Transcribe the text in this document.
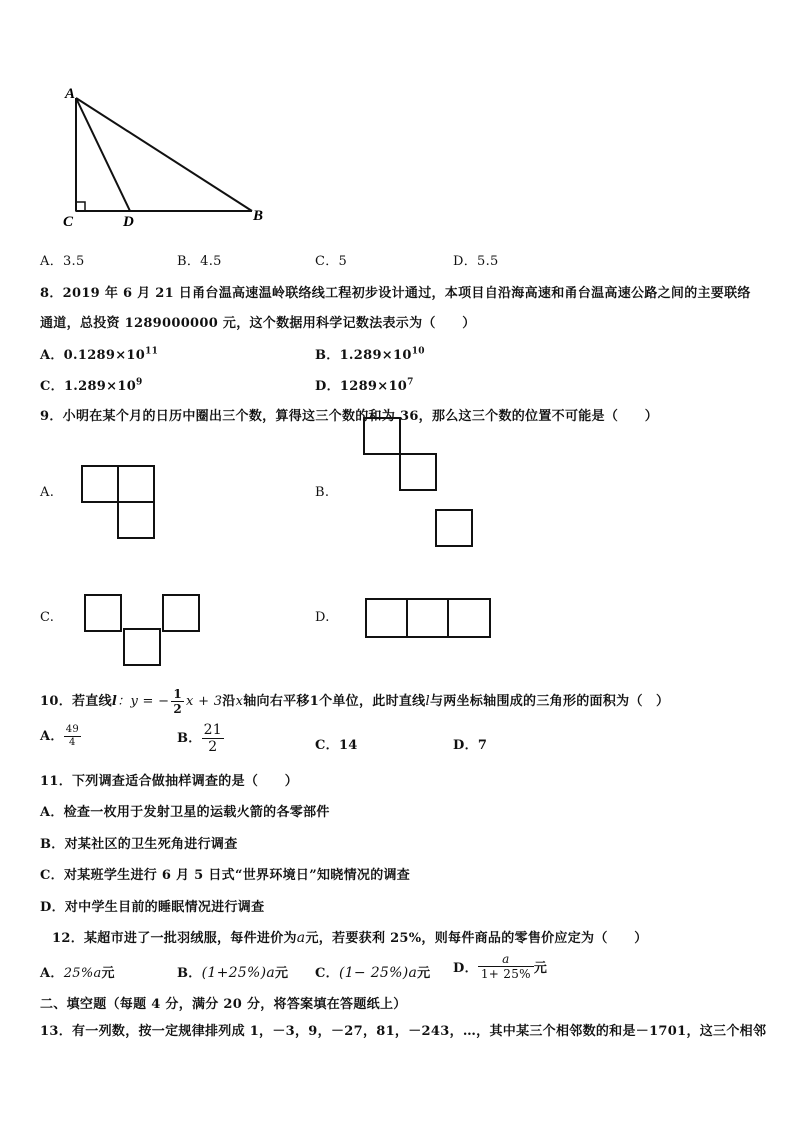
A
C	D	B
A．3.5	B．4.5	C．5	D．5.5
8．2019 年 6 月 21 日甬台温高速温岭联络线工程初步设计通过，本项目自沿海高速和甬台温高速公路之间的主要联络
通道，总投资 1289000000 元，这个数据用科学记数法表示为（　　）
A．$0.1289\times 10^{11}$	B．$1.289\times 10^{10}$
C．$1.289\times 10^9$	D．$1289\times 10^7$
9．小明在某个月的日历中圈出三个数，算得这三个数的和为 36，那么这三个数的位置不可能是（　　）
A.	B.
C.	D.
10．若直线l：y = − $\frac{1}{2}$ x + 3沿x轴向右平移1个单位，此时直线l与两坐标轴围成的三角形的面积为（　）
A． $\frac{49}{4}$	B． $\frac{21}{2}$	C．14	D．7
11．下列调查适合做抽样调查的是（　　）
A．检查一枚用于发射卫星的运载火箭的各零部件
B．对某社区的卫生死角进行调查
C．对某班学生进行 6 月 5 日式“世界环境日”知晓情况的调查
D．对中学生目前的睡眠情况进行调查
12．某超市进了一批羽绒服，每件进价为a元，若要获利 25%，则每件商品的零售价应定为（　　）
A．25%a元	B．(1+25%)a元 C．(1− 25%)a元 D． $\frac{a}{1+ 25\%}$ 元
二、填空题（每题 4 分，满分 20 分，将答案填在答题纸上）
13．有一列数，按一定规律排列成 1，－3，9，－27，81，－243，…，其中某三个相邻数的和是－1701，这三个相邻
